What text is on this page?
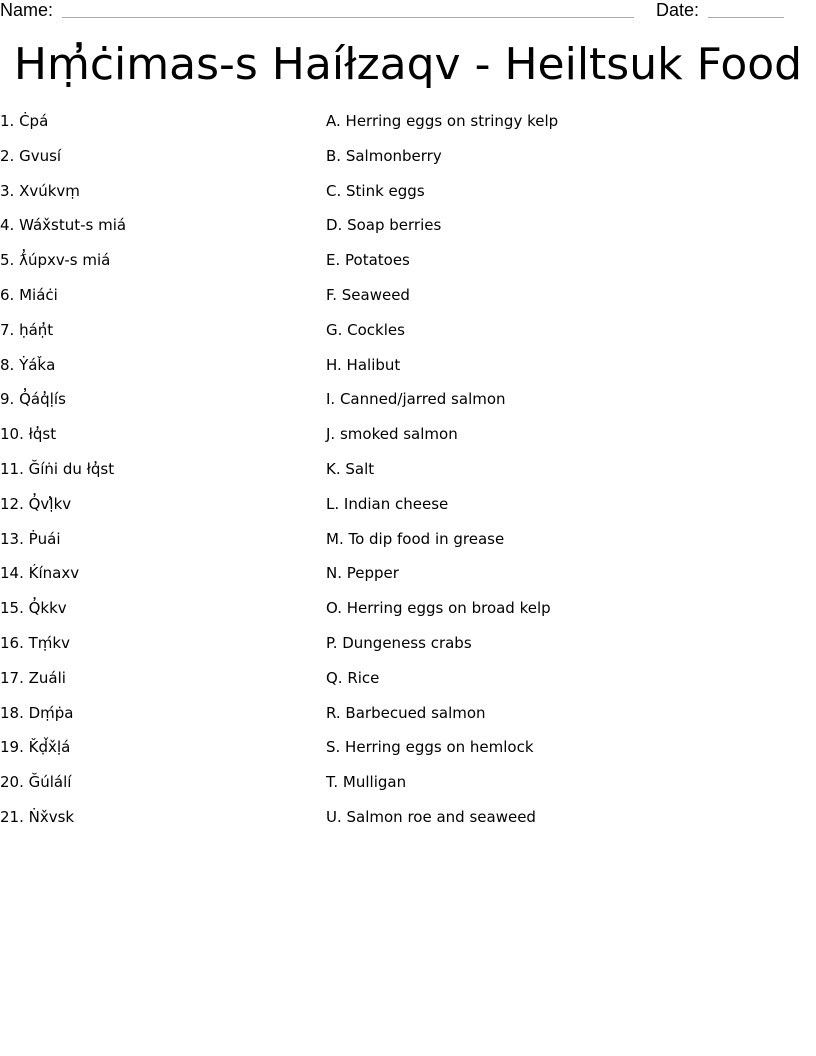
Name:	Date:
Hṃ̓ċimas-s Haíłzaqv - Heiltsuk Food
1. Ċpá
2. Gvusí
3. Xvúkvṃ
4. Wáx̌stut-s miá
5. ƛ̓úpxv-s miá
6. Miáċi
7. ḥáṇ̓t
8. Ẏáǩa
9. Q̓áq̓ḷís
10. łq̓st
11. Ğíṅi du łq̓st
12. Q̓vḷ̓kv
13. Ṗuái
14. Ḱínaxv
15. Q̓kkv
16. Tṃ́kv
17. Zuáli
18. Dṃ́ṗa
19. Ǩḍ̌x̌ḷá
20. Ğúlálí
21. Ṅx̌vsk
A. Herring eggs on stringy kelp
B. Salmonberry
C. Stink eggs
D. Soap berries
E. Potatoes
F. Seaweed
G. Cockles
H. Halibut
I. Canned/jarred salmon
J. smoked salmon
K. Salt
L. Indian cheese
M. To dip food in grease
N. Pepper
O. Herring eggs on broad kelp
P. Dungeness crabs
Q. Rice
R. Barbecued salmon
S. Herring eggs on hemlock
T. Mulligan
U. Salmon roe and seaweed
